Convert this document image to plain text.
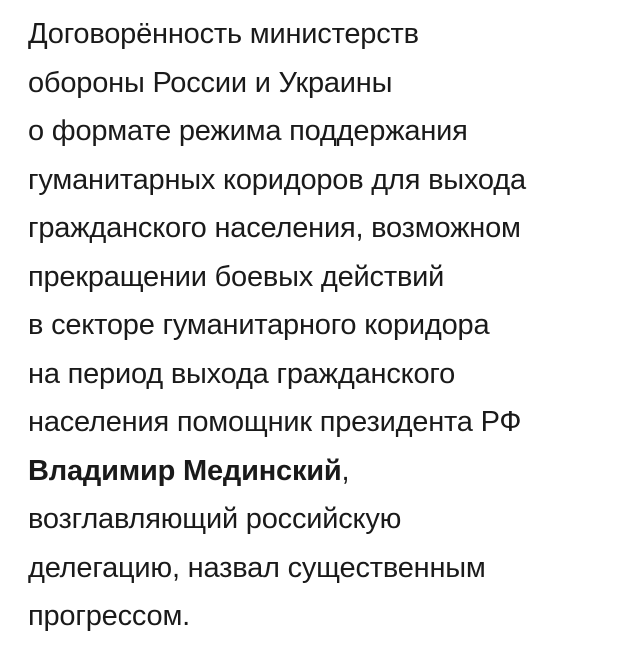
Договорённость министерств
обороны России и Украины
о формате режима поддержания
гуманитарных коридоров для выхода
гражданского населения, возможном
прекращении боевых действий
в секторе гуманитарного коридора
на период выхода гражданского
населения помощник президента РФ
Владимир Мединский,
возглавляющий российскую
делегацию, назвал существенным
прогрессом.
